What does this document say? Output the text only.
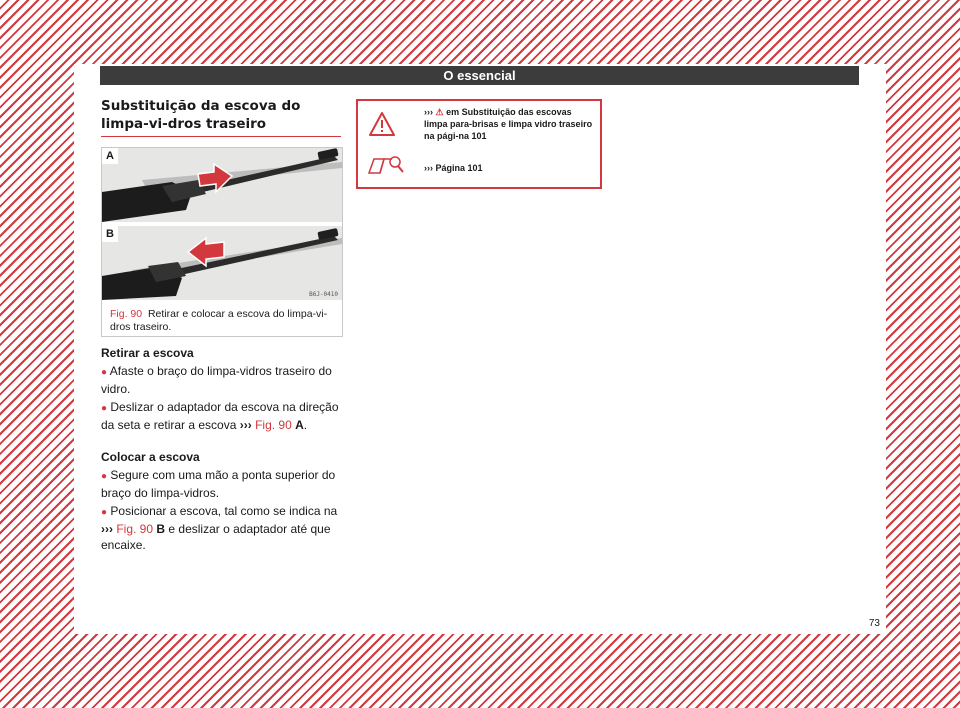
O essencial
Substituição da escova do limpa-vi-dros traseiro
A
B
B6J-0410
Fig. 90 Retirar e colocar a escova do limpa-vi-dros traseiro.
Retirar a escova
● Afaste o braço do limpa-vidros traseiro do vidro.
● Deslizar o adaptador da escova na direção da seta e retirar a escova ››› Fig. 90 A.
Colocar a escova
● Segure com uma mão a ponta superior do braço do limpa-vidros.
● Posicionar a escova, tal como se indica na ››› Fig. 90 B e deslizar o adaptador até que encaixe.
››› ⚠ em Substituição das escovas limpa para-brisas e limpa vidro traseiro na pági-na 101
››› Página 101
73
